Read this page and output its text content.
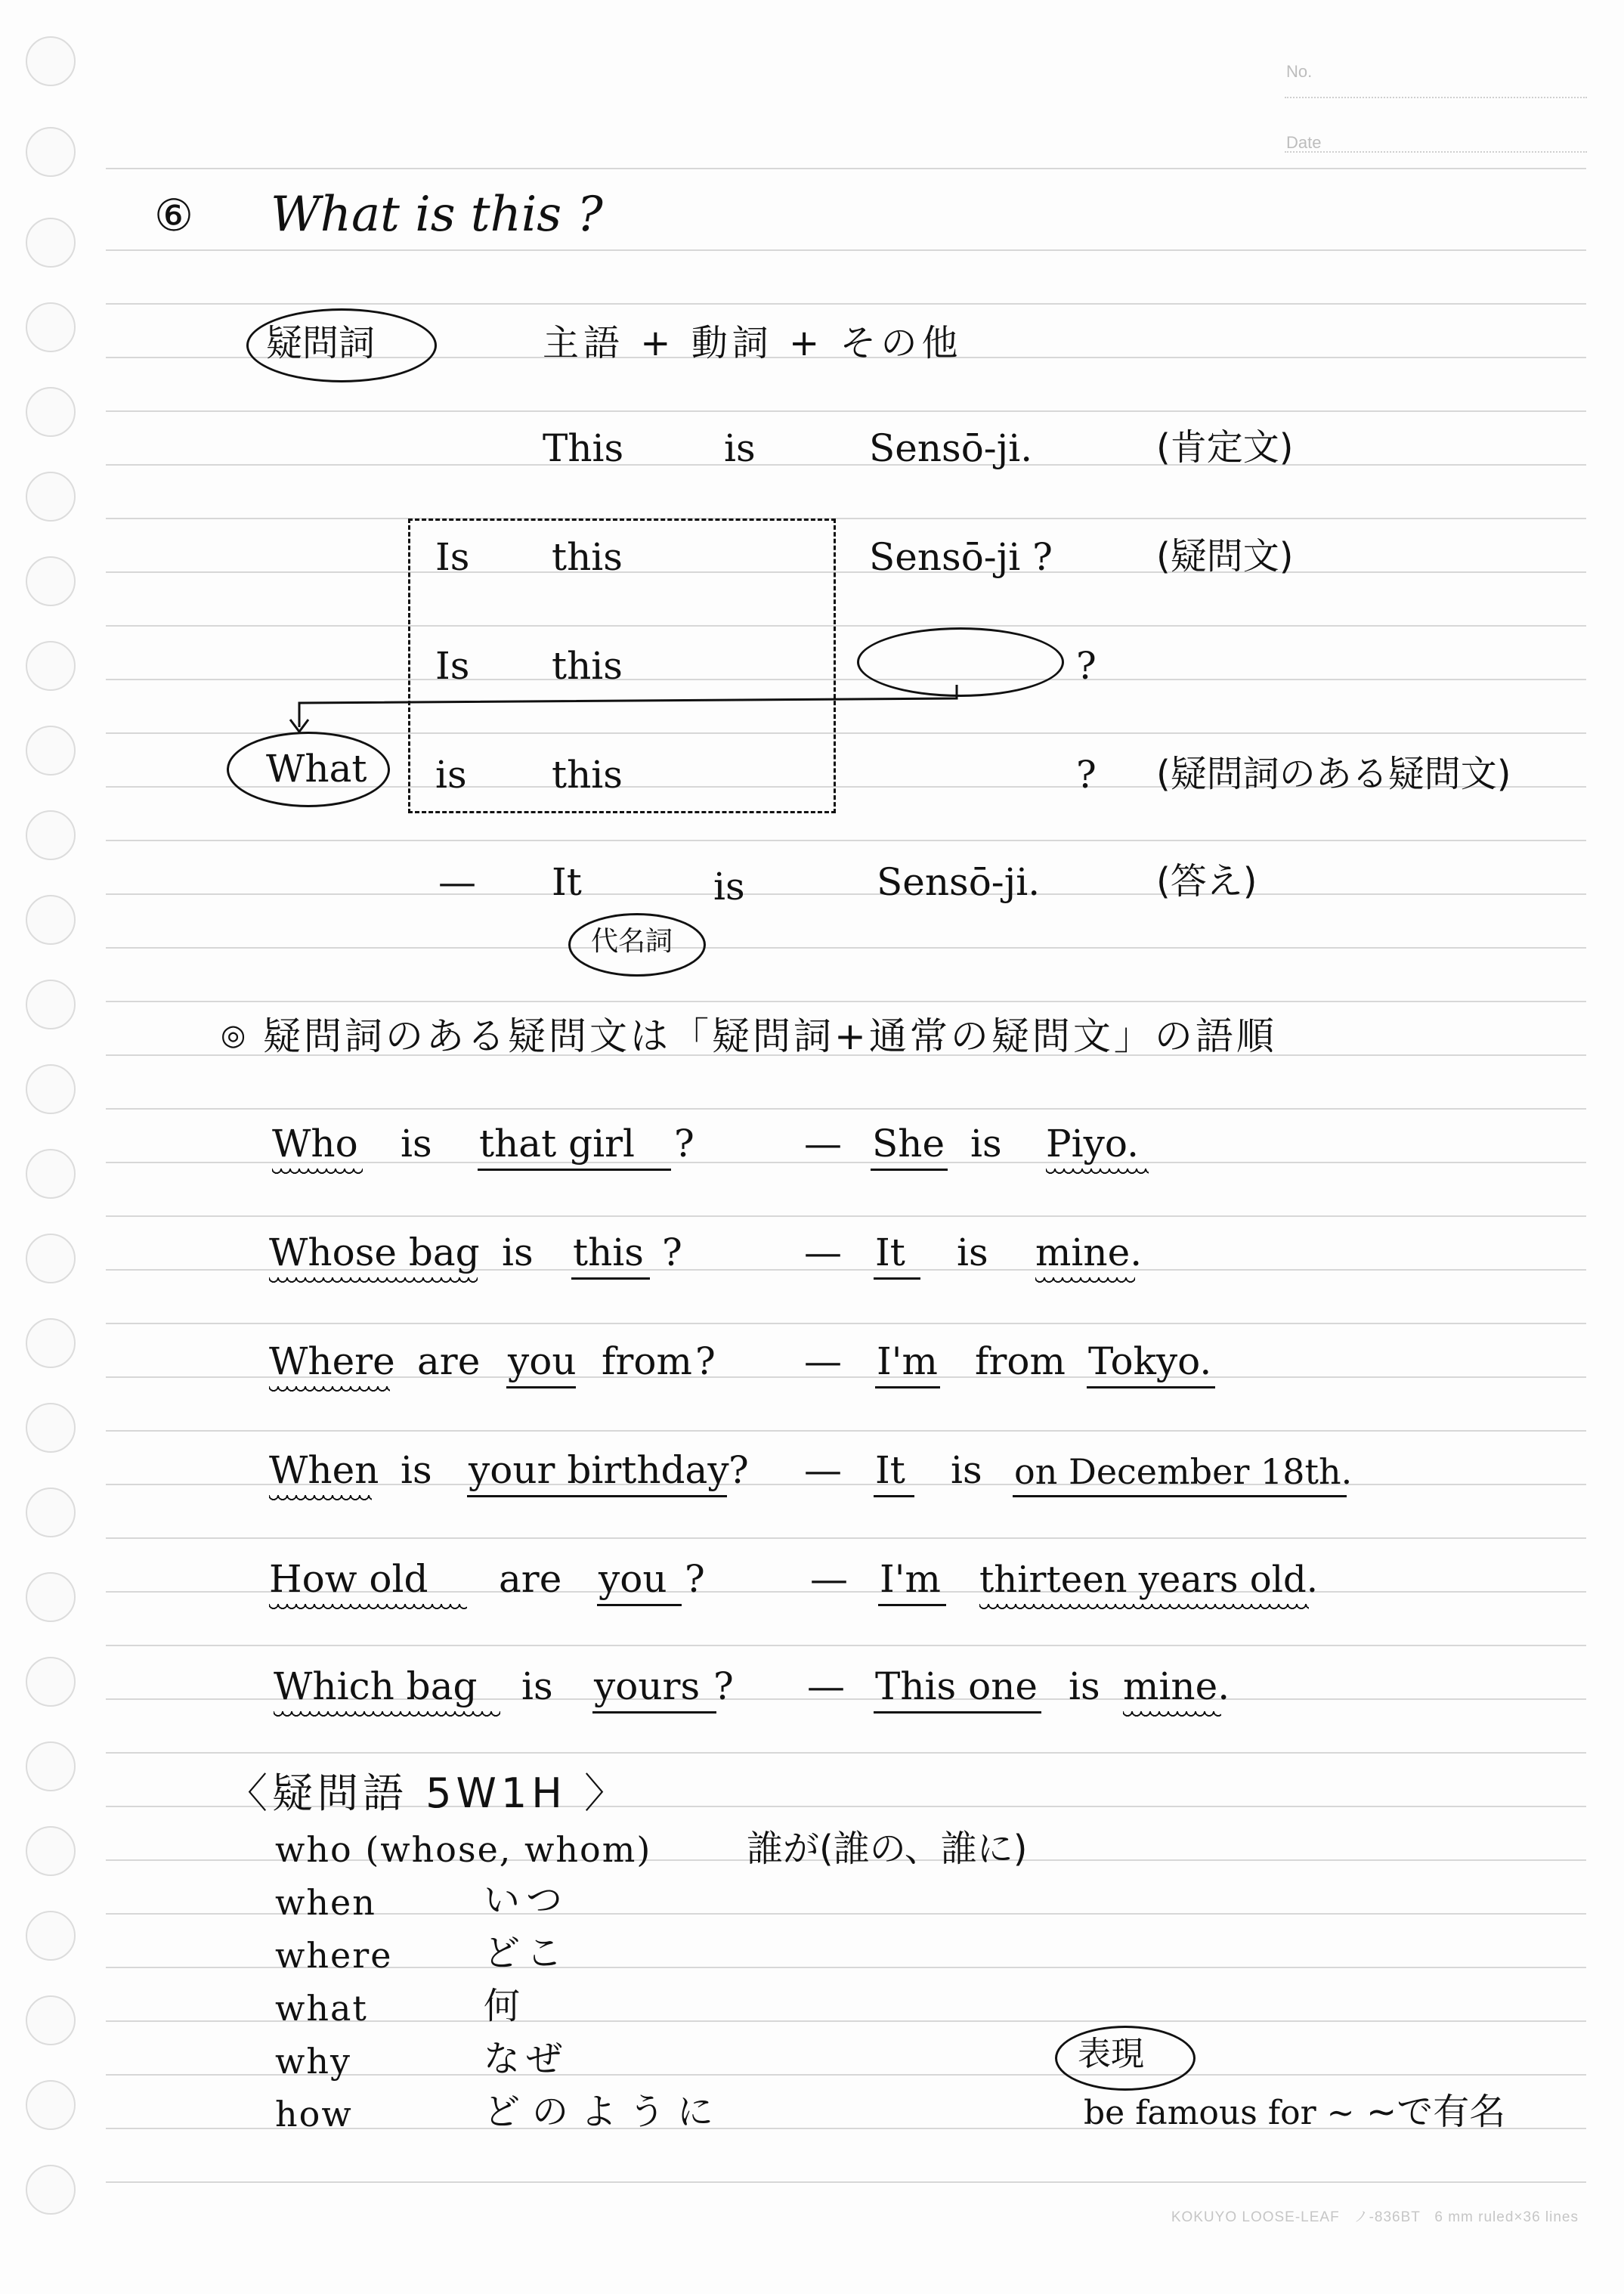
No.
Date
⑥ What is this ?
疑問詞	主語 + 動詞 + その他
This	is	Sensō-ji.	(肯定文)
Is this	Sensō-ji ?	(疑問文)
Is this	?
What is this	? (疑問詞のある疑問文)
— It	is	Sensō-ji.	(答え)
代名詞
◎ 疑問詞のある疑問文は「疑問詞+通常の疑問文」の語順
Who is that girl ?	— She is Piyo.
Whose bag is this ?	— It is mine.
Where are you from ? — I'm from Tokyo.
When is your birthday ? — It is on December 18th.
How old are you ?	— I'm thirteen years old.
Which bag is yours ? — This one is mine.
〈疑問語 5W1H 〉
who (whose, whom)	誰が(誰の、誰に)
when	いつ
where	どこ
what	何
why	なぜ
how	どのように
表現
be famous for ~ ~で有名
KOKUYO LOOSE-LEAF ノ-836BT 6 mm ruled×36 lines
